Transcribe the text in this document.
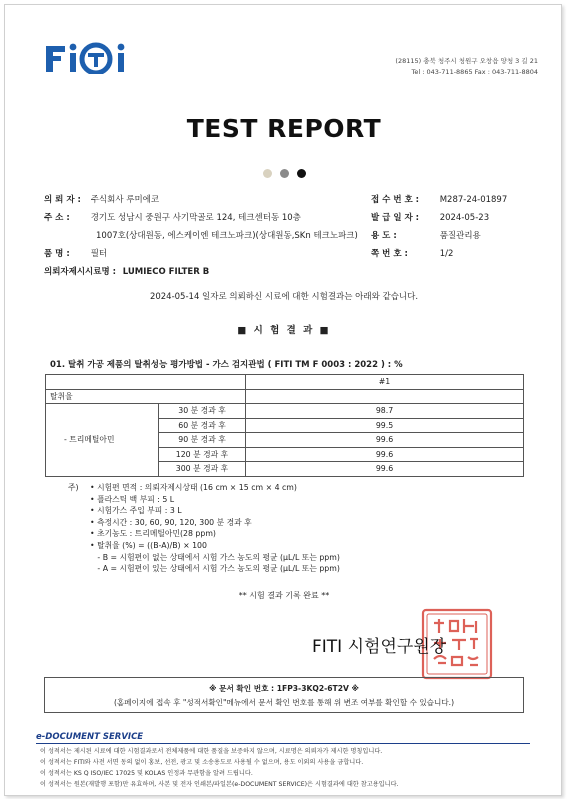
(28115) 충북 청주시 청원구 오창읍 양청 3 길 21
Tel : 043-711-8865 Fax : 043-711-8804
TEST REPORT
의 뢰 자 : 주식회사 루미에코
주 소 : 경기도 성남시 중원구 사기막골로 124, 테크센터동 10층
1007호(상대원동, 에스케이엔 테크노파크)(상대원동,SKn 테크노파크)
품 명 : 필터
의뢰자제시시료명 : LUMIECO FILTER B
접 수 번 호 : M287-24-01897
발 급 일 자 : 2024-05-23
용 도 :	품질관리용
쪽 번 호 :	1/2
2024-05-14 일자로 의뢰하신 시료에 대한 시험결과는 아래와 같습니다.
■ 시 험 결 과 ■
01. 탈취 가공 제품의 탈취성능 평가방법 - 가스 검지관법 ( FITI TM F 0003 : 2022 ) : %
		#1
탈취율		
- 트리메틸아민	30 분 경과 후	98.7
	60 분 경과 후	99.5
	90 분 경과 후	99.6
	120 분 경과 후	99.6
	300 분 경과 후	99.6
주) • 시험편 면적 : 의뢰자제시상태 (16 cm × 15 cm × 4 cm)
• 플라스틱 백 부피 : 5 L
• 시험가스 주입 부피 : 3 L
• 측정시간 : 30, 60, 90, 120, 300 분 경과 후
• 초기농도 : 트리메틸아민(28 ppm)
• 탈취율 (%) = ((B-A)/B) × 100
- B = 시험편이 없는 상태에서 시험 가스 농도의 평균 (μL/L 또는 ppm)
- A = 시험편이 있는 상태에서 시험 가스 농도의 평균 (μL/L 또는 ppm)
** 시험 결과 기록 완료 **
FITI 시험연구원장
※ 문서 확인 번호 : 1FP3-3KQ2-6T2V ※
(홈페이지에 접속 후 "성적서확인"메뉴에서 문서 확인 번호를 통해 위 변조 여부를 확인할 수 있습니다.)
e-DOCUMENT SERVICE
이 성적서는 제시된 시료에 대한 시험결과로서 전체제품에 대한 품질을 보증하지 않으며, 시료명은 의뢰자가 제시한 명칭입니다.
이 성적서는 FITI와 사전 서면 동의 없이 홍보, 선전, 광고 및 소송용도로 사용될 수 없으며, 용도 이외의 사용을 금합니다.
이 성적서는 KS Q ISO/IEC 17025 및 KOLAS 인정과 무관함을 알려 드립니다.
이 성적서는 원본(재발행 포함)만 유효하며, 사본 및 전자 인쇄본/파일본(e-DOCUMENT SERVICE)은 시험결과에 대한 참고용입니다.
